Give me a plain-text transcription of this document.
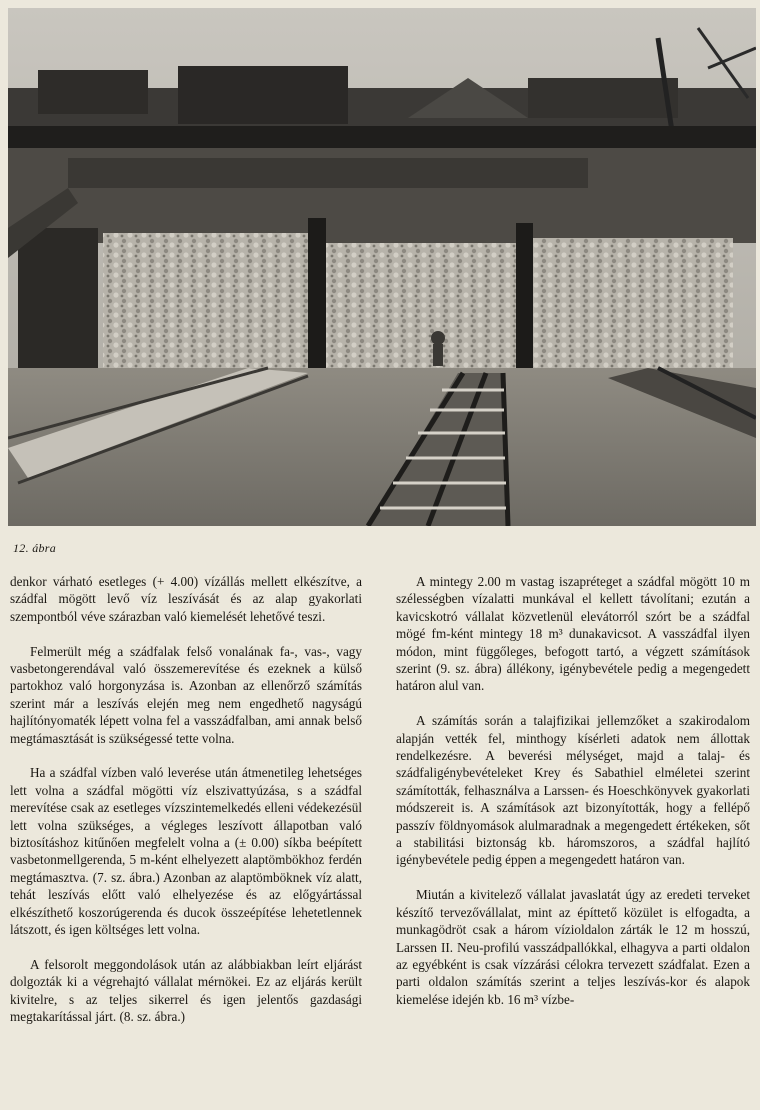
12. ábra

denkor várható esetleges (+ 4.00) vízállás mellett elkészítve, a szádfal mögött levő víz leszívását és az alap gyakorlati szempontból véve szárazban való kiemelését lehetővé teszi.

Felmerült még a szádfalak felső vonalának fa-, vas-, vagy vasbetongerendával való összemerevítése és ezeknek a külső partokhoz való horgonyzása is. Azonban az ellenőrző számítás szerint már a leszívás elején meg nem engedhető nagyságú hajlítónyomaték lépett volna fel a vasszádfalban, ami annak belső megtámasztását is szükségessé tette volna.

Ha a szádfal vízben való leverése után átmenetileg lehetséges lett volna a szádfal mögötti víz elszivattyúzása, s a szádfal merevítése csak az esetleges vízszintemelkedés elleni védekezésül lett volna szükséges, a végleges leszívott állapotban való biztosításhoz kitűnően megfelelt volna a (± 0.00) síkba beépített vasbetonmellgerenda, 5 m-ként elhelyezett alaptömbökhoz ferdén megtámasztva. (7. sz. ábra.) Azonban az alaptömböknek víz alatt, tehát leszívás előtt való elhelyezése és az előgyártással elkészíthető koszorúgerenda és ducok összeépítése lehetetlennek látszott, és igen költséges lett volna.

A felsorolt meggondolások után az alábbiakban leírt eljárást dolgozták ki a végrehajtó vállalat mérnökei. Ez az eljárás került kivitelre, s az teljes sikerrel és igen jelentős gazdasági megtakarítással járt. (8. sz. ábra.)

A mintegy 2.00 m vastag iszapréteget a szádfal mögött 10 m szélességben vízalatti munkával el kellett távolítani; ezután a kavicskotró vállalat közvetlenül elevátorról szórt be a szádfal mögé fm-ként mintegy 18 m³ dunakavicsot. A vasszádfal ilyen módon, mint függőleges, befogott tartó, a végzett számítások szerint (9. sz. ábra) állékony, igénybevétele pedig a megengedett határon alul van.

A számítás során a talajfizikai jellemzőket a szakirodalom alapján vették fel, minthogy kísérleti adatok nem állottak rendelkezésre. A beverési mélységet, majd a talaj- és szádfaligénybevételeket Krey és Sabathiel elméletei szerint számították, felhasználva a Larssen- és Hoeschkönyvek gyakorlati módszereit is. A számítások azt bizonyították, hogy a fellépő passzív földnyomások alulmaradnak a megengedett értékeken, sőt a stabilitási biztonság kb. háromszoros, a szádfal hajlító igénybevétele pedig éppen a megengedett határon van.

Miután a kivitelező vállalat javaslatát úgy az eredeti terveket készítő tervezővállalat, mint az építtető közület is elfogadta, a munkagödröt csak a három vízioldalon zárták le 12 m hosszú, Larssen II. Neu-profilú vasszádpallókkal, elhagyva a parti oldalon az egyébként is csak vízzárási célokra tervezett szádfalat. Ezen a parti oldalon számítás szerint a teljes leszívás-kor és alapok kiemelése idején kb. 16 m³ vízbe-
